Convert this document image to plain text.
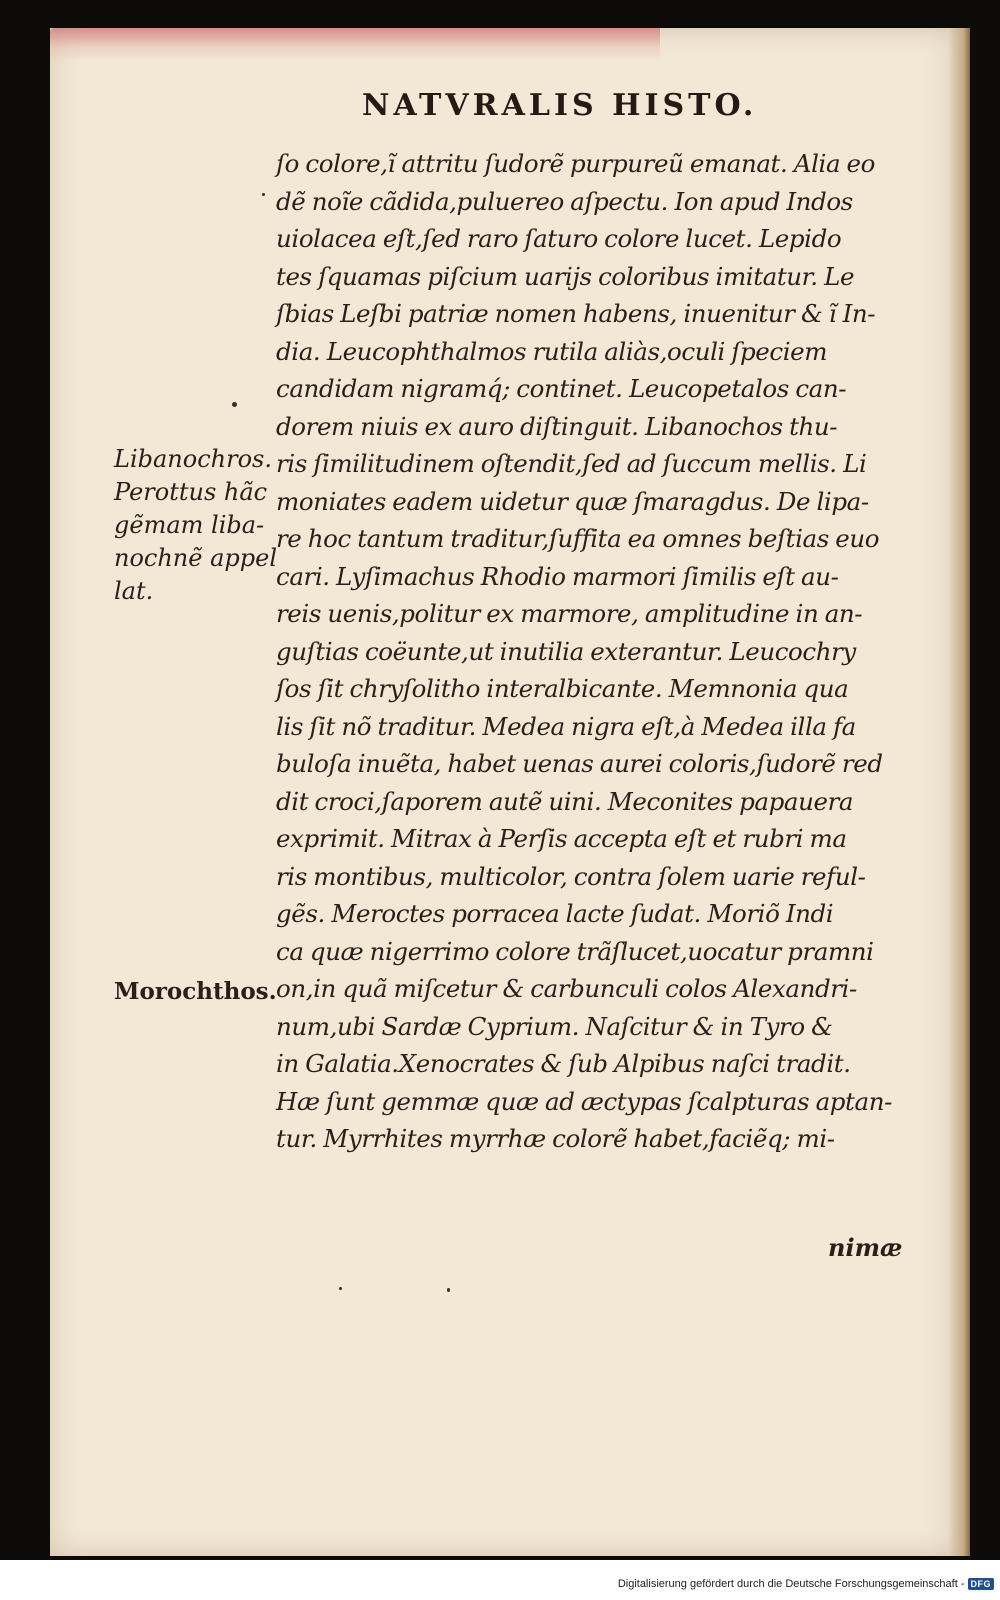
NATVRALIS HISTO.
ſo colore,ĩ attritu ſudorẽ purpureũ emanat. Alia eo
dẽ noĩe cãdida,puluereo aſpectu. Ion apud Indos
uiolacea eſt,ſed raro ſaturo colore lucet. Lepido
tes ſquamas piſcium uarijs coloribus imitatur. Le
ſbias Leſbi patriæ nomen habens, inuenitur & ĩ In-
dia. Leucophthalmos rutila aliàs,oculi ſpeciem
candidam nigramq́; continet. Leucopetalos can-
dorem niuis ex auro diſtinguit. Libanochos thu-
ris ſimilitudinem oſtendit,ſed ad ſuccum mellis. Li
moniates eadem uidetur quæ ſmaragdus. De lipa-
re hoc tantum traditur,ſuffita ea omnes beſtias euo
cari. Lyſimachus Rhodio marmori ſimilis eſt au-
reis uenis,politur ex marmore, amplitudine in an-
guſtias coëunte,ut inutilia exterantur. Leucochry
ſos ſit chryſolitho interalbicante. Memnonia qua
lis ſit nõ traditur. Medea nigra eſt,à Medea illa fa
buloſa inuẽta, habet uenas aurei coloris,ſudorẽ red
dit croci,ſaporem autẽ uini. Meconites papauera
exprimit. Mitrax à Perſis accepta eſt et rubri ma
ris montibus, multicolor, contra ſolem uarie reful-
gẽs. Meroctes porracea lacte ſudat. Moriõ Indi
ca quæ nigerrimo colore trãſlucet,uocatur pramni
on,in quã miſcetur & carbunculi colos Alexandri-
num,ubi Sardæ Cyprium. Naſcitur & in Tyro &
in Galatia.Xenocrates & ſub Alpibus naſci tradit.
Hæ ſunt gemmæ quæ ad æctypas ſcalpturas aptan-
tur. Myrrhites myrrhæ colorẽ habet,faciẽq; mi-
nimæ
Libanochros.
Perottus hãc
gẽmam liba-
nochnẽ appel
lat.
Morochthos.
Digitalisierung gefördert durch die Deutsche Forschungsgemeinschaft - DFG
